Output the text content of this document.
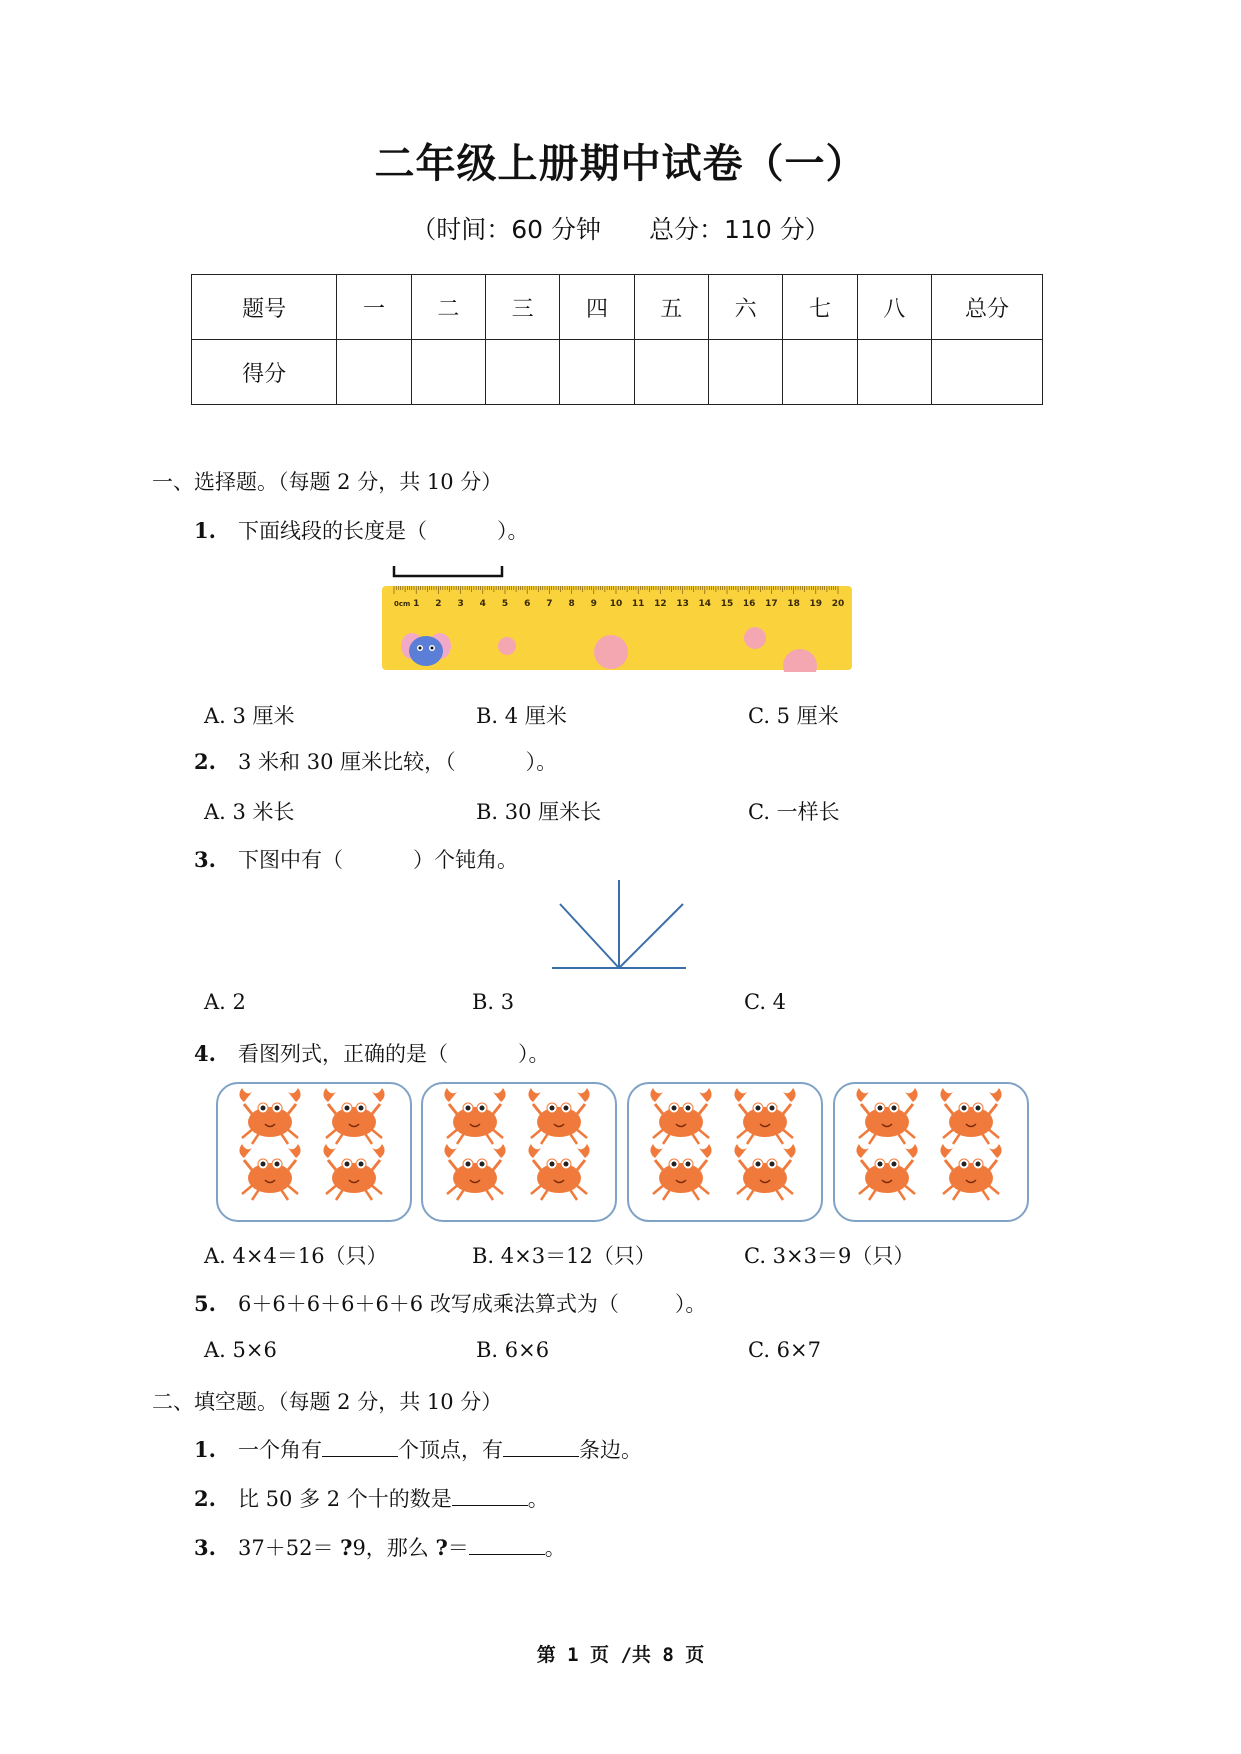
二年级上册期中试卷（一）
（时间：60 分钟 总分：110 分）
题号	一	二	三	四	五	六	七	八	总分
得分									
一、选择题。（每题 2 分，共 10 分）
1. 下面线段的长度是（	）。
0cm 1 2 3 4 5 6 7 8 9 10 11 12 13 14 15 16 17 18 19 20
A. 3 厘米	B. 4 厘米	C. 5 厘米
2. 3 米和 30 厘米比较，（	）。
A. 3 米长	B. 30 厘米长	C. 一样长
3. 下图中有（	）个钝角。
A. 2	B. 3	C. 4
4. 看图列式，正确的是（	）。
A. 4×4＝16（只）	B. 4×3＝12（只）	C. 3×3＝9（只）
5. 6＋6＋6＋6＋6＋6 改写成乘法算式为（	）。
A. 5×6	B. 6×6	C. 6×7
二、填空题。（每题 2 分，共 10 分）
1. 一个角有	个顶点，有	条边。
2. 比 50 多 2 个十的数是	。
3. 37＋52＝ ?9，那么 ?＝	。
第 1 页 /共 8 页
